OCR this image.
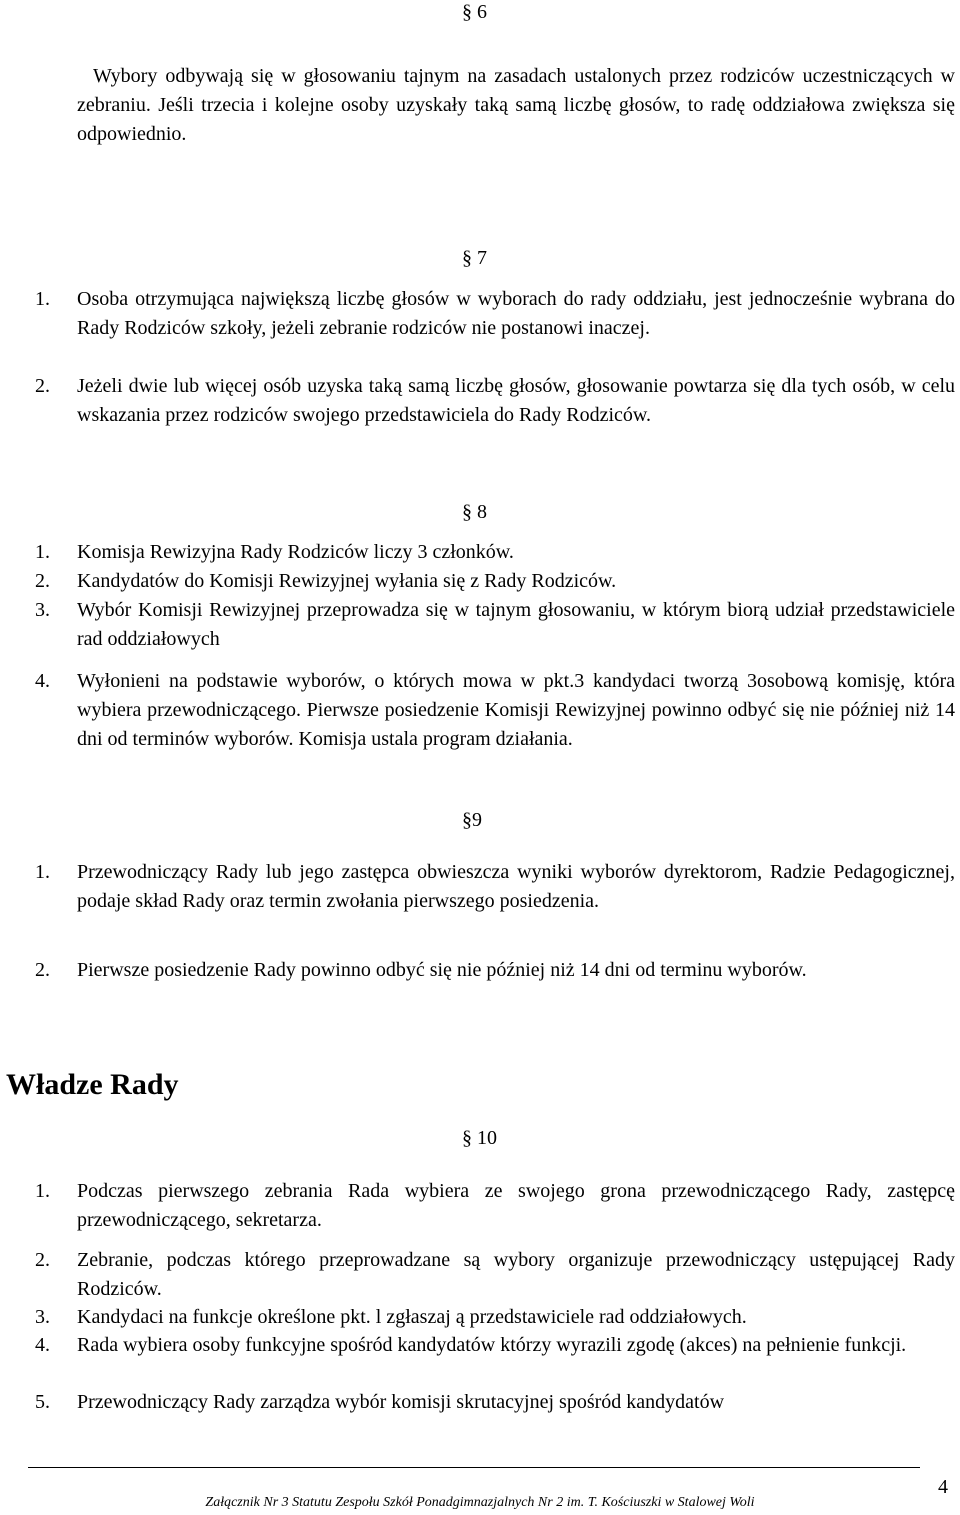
§ 6
Wybory odbywają się w głosowaniu tajnym na zasadach ustalonych przez rodziców uczestniczących w zebraniu. Jeśli trzecia i kolejne osoby uzyskały taką samą liczbę głosów, to radę oddziałowa zwiększa się odpowiednio.
§ 7
1.	Osoba otrzymująca największą liczbę głosów w wyborach do rady oddziału, jest jednocześnie wybrana do Rady Rodziców szkoły, jeżeli zebranie rodziców nie postanowi inaczej.
2.	Jeżeli dwie lub więcej osób uzyska taką samą liczbę głosów, głosowanie powtarza się dla tych osób, w celu wskazania przez rodziców swojego przedstawiciela do Rady Rodziców.
§ 8
1.	Komisja Rewizyjna Rady Rodziców liczy 3 członków.
2.	Kandydatów do Komisji Rewizyjnej wyłania się z Rady Rodziców.
3.	Wybór Komisji Rewizyjnej przeprowadza się w tajnym głosowaniu, w którym biorą udział przedstawiciele rad oddziałowych
4.	Wyłonieni na podstawie wyborów, o których mowa w pkt.3 kandydaci tworzą 3osobową komisję, która wybiera przewodniczącego. Pierwsze posiedzenie Komisji Rewizyjnej powinno odbyć się nie później niż 14 dni od terminów wyborów. Komisja ustala program działania.
§9
1.	Przewodniczący Rady lub jego zastępca obwieszcza wyniki wyborów dyrektorom, Radzie Pedagogicznej, podaje skład Rady oraz termin zwołania pierwszego posiedzenia.
2.	Pierwsze posiedzenie Rady powinno odbyć się nie później niż 14 dni od terminu wyborów.
Władze Rady
§ 10
1.	Podczas pierwszego zebrania Rada wybiera ze swojego grona przewodniczącego Rady, zastępcę przewodniczącego, sekretarza.
2.	Zebranie, podczas którego przeprowadzane są wybory organizuje przewodniczący ustępującej Rady Rodziców.
3.	Kandydaci na funkcje określone pkt. l zgłaszaj ą przedstawiciele rad oddziałowych.
4.	Rada wybiera osoby funkcyjne spośród kandydatów którzy wyrazili zgodę (akces) na pełnienie funkcji.
5.	Przewodniczący Rady zarządza wybór komisji skrutacyjnej spośród kandydatów
4
Załącznik Nr 3 Statutu Zespołu Szkół Ponadgimnazjalnych Nr 2 im. T. Kościuszki w Stalowej Woli
